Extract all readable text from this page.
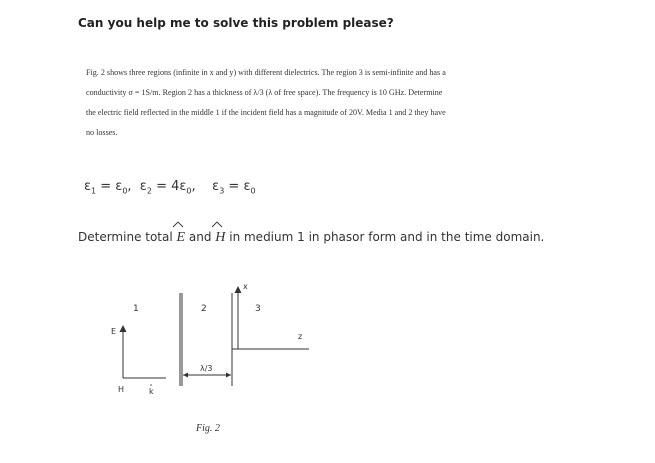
Can you help me to solve this problem please?
Fig. 2 shows three regions (infinite in x and y) with different dielectrics. The region 3 is semi-infinite and has a
conductivity σ = 1S/m. Region 2 has a thickness of λ/3 (λ of free space). The frequency is 10 GHz. Determine
the electric field reflected in the middle 1 if the incident field has a magnitude of 20V. Media 1 and 2 they have
no losses.
$\varepsilon_1 = \varepsilon_0$,  $\varepsilon_2 = 4\varepsilon_0$,    $\varepsilon_3 = \varepsilon_0$
Determine total E and H in medium 1 in phasor form and in the time domain.
1	2	3
E
H	k
λ/3
x
z
Fig. 2
